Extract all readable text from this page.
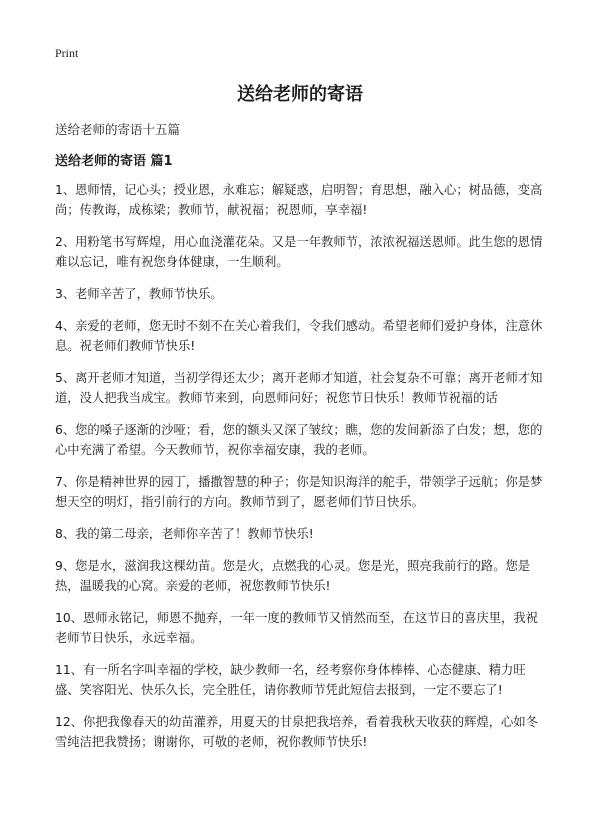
Print
送给老师的寄语

送给老师的寄语十五篇

送给老师的寄语 篇1
1、恩师情，记心头；授业恩，永难忘；解疑惑，启明智；育思想，融入心；树品德，变高尚；传教诲，成栋梁；教师节，献祝福；祝恩师，享幸福!
2、用粉笔书写辉煌，用心血浇灌花朵。又是一年教师节，浓浓祝福送恩师。此生您的恩情难以忘记，唯有祝您身体健康，一生顺利。
3、老师辛苦了，教师节快乐。
4、亲爱的老师，您无时不刻不在关心着我们，令我们感动。希望老师们爱护身体，注意休息。祝老师们教师节快乐!
5、离开老师才知道，当初学得还太少；离开老师才知道，社会复杂不可靠；离开老师才知道，没人把我当成宝。教师节来到，向恩师问好；祝您节日快乐！教师节祝福的话
6、您的嗓子逐渐的沙哑；看，您的额头又深了皱纹；瞧，您的发间新添了白发；想，您的心中充满了希望。今天教师节，祝你幸福安康，我的老师。
7、你是精神世界的园丁，播撒智慧的种子；你是知识海洋的舵手，带领学子远航；你是梦想天空的明灯，指引前行的方向。教师节到了，愿老师们节日快乐。
8、我的第二母亲，老师你辛苦了！教师节快乐!
9、您是水，滋润我这棵幼苗。您是火，点燃我的心灵。您是光，照亮我前行的路。您是热，温暖我的心窝。亲爱的老师，祝您教师节快乐!
10、恩师永铭记，师恩不抛弃，一年一度的教师节又悄然而至，在这节日的喜庆里，我祝老师节日快乐，永远幸福。
11、有一所名字叫幸福的学校，缺少教师一名，经考察你身体棒棒、心态健康、精力旺盛、笑容阳光、快乐久长，完全胜任，请你教师节凭此短信去报到，一定不要忘了!
12、你把我像春天的幼苗灌养，用夏天的甘泉把我培养，看着我秋天收获的辉煌，心如冬雪纯洁把我赞扬；谢谢你，可敬的老师，祝你教师节快乐!
